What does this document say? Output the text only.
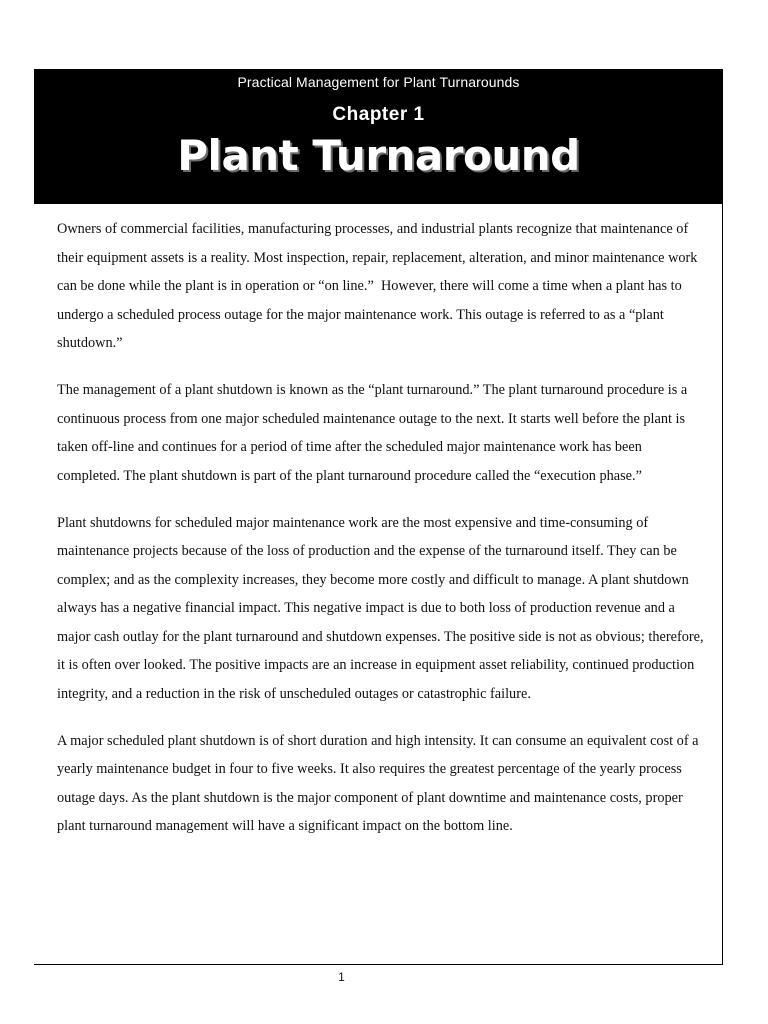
Practical Management for Plant Turnarounds
Chapter 1
Plant Turnaround

Owners of commercial facilities, manufacturing processes, and industrial plants recognize that maintenance of their equipment assets is a reality. Most inspection, repair, replacement, alteration, and minor maintenance work can be done while the plant is in operation or “on line.”  However, there will come a time when a plant has to undergo a scheduled process outage for the major maintenance work. This outage is referred to as a “plant shutdown.”

The management of a plant shutdown is known as the “plant turnaround.” The plant turnaround procedure is a continuous process from one major scheduled maintenance outage to the next. It starts well before the plant is taken off-line and continues for a period of time after the scheduled major maintenance work has been completed. The plant shutdown is part of the plant turnaround procedure called the “execution phase.”

Plant shutdowns for scheduled major maintenance work are the most expensive and time-consuming of maintenance projects because of the loss of production and the expense of the turnaround itself. They can be complex; and as the complexity increases, they become more costly and difficult to manage. A plant shutdown always has a negative financial impact. This negative impact is due to both loss of production revenue and a major cash outlay for the plant turnaround and shutdown expenses. The positive side is not as obvious; therefore, it is often over looked. The positive impacts are an increase in equipment asset reliability, continued production integrity, and a reduction in the risk of unscheduled outages or catastrophic failure.

A major scheduled plant shutdown is of short duration and high intensity. It can consume an equivalent cost of a yearly maintenance budget in four to five weeks. It also requires the greatest percentage of the yearly process outage days. As the plant shutdown is the major component of plant downtime and maintenance costs, proper plant turnaround management will have a significant impact on the bottom line.

1
